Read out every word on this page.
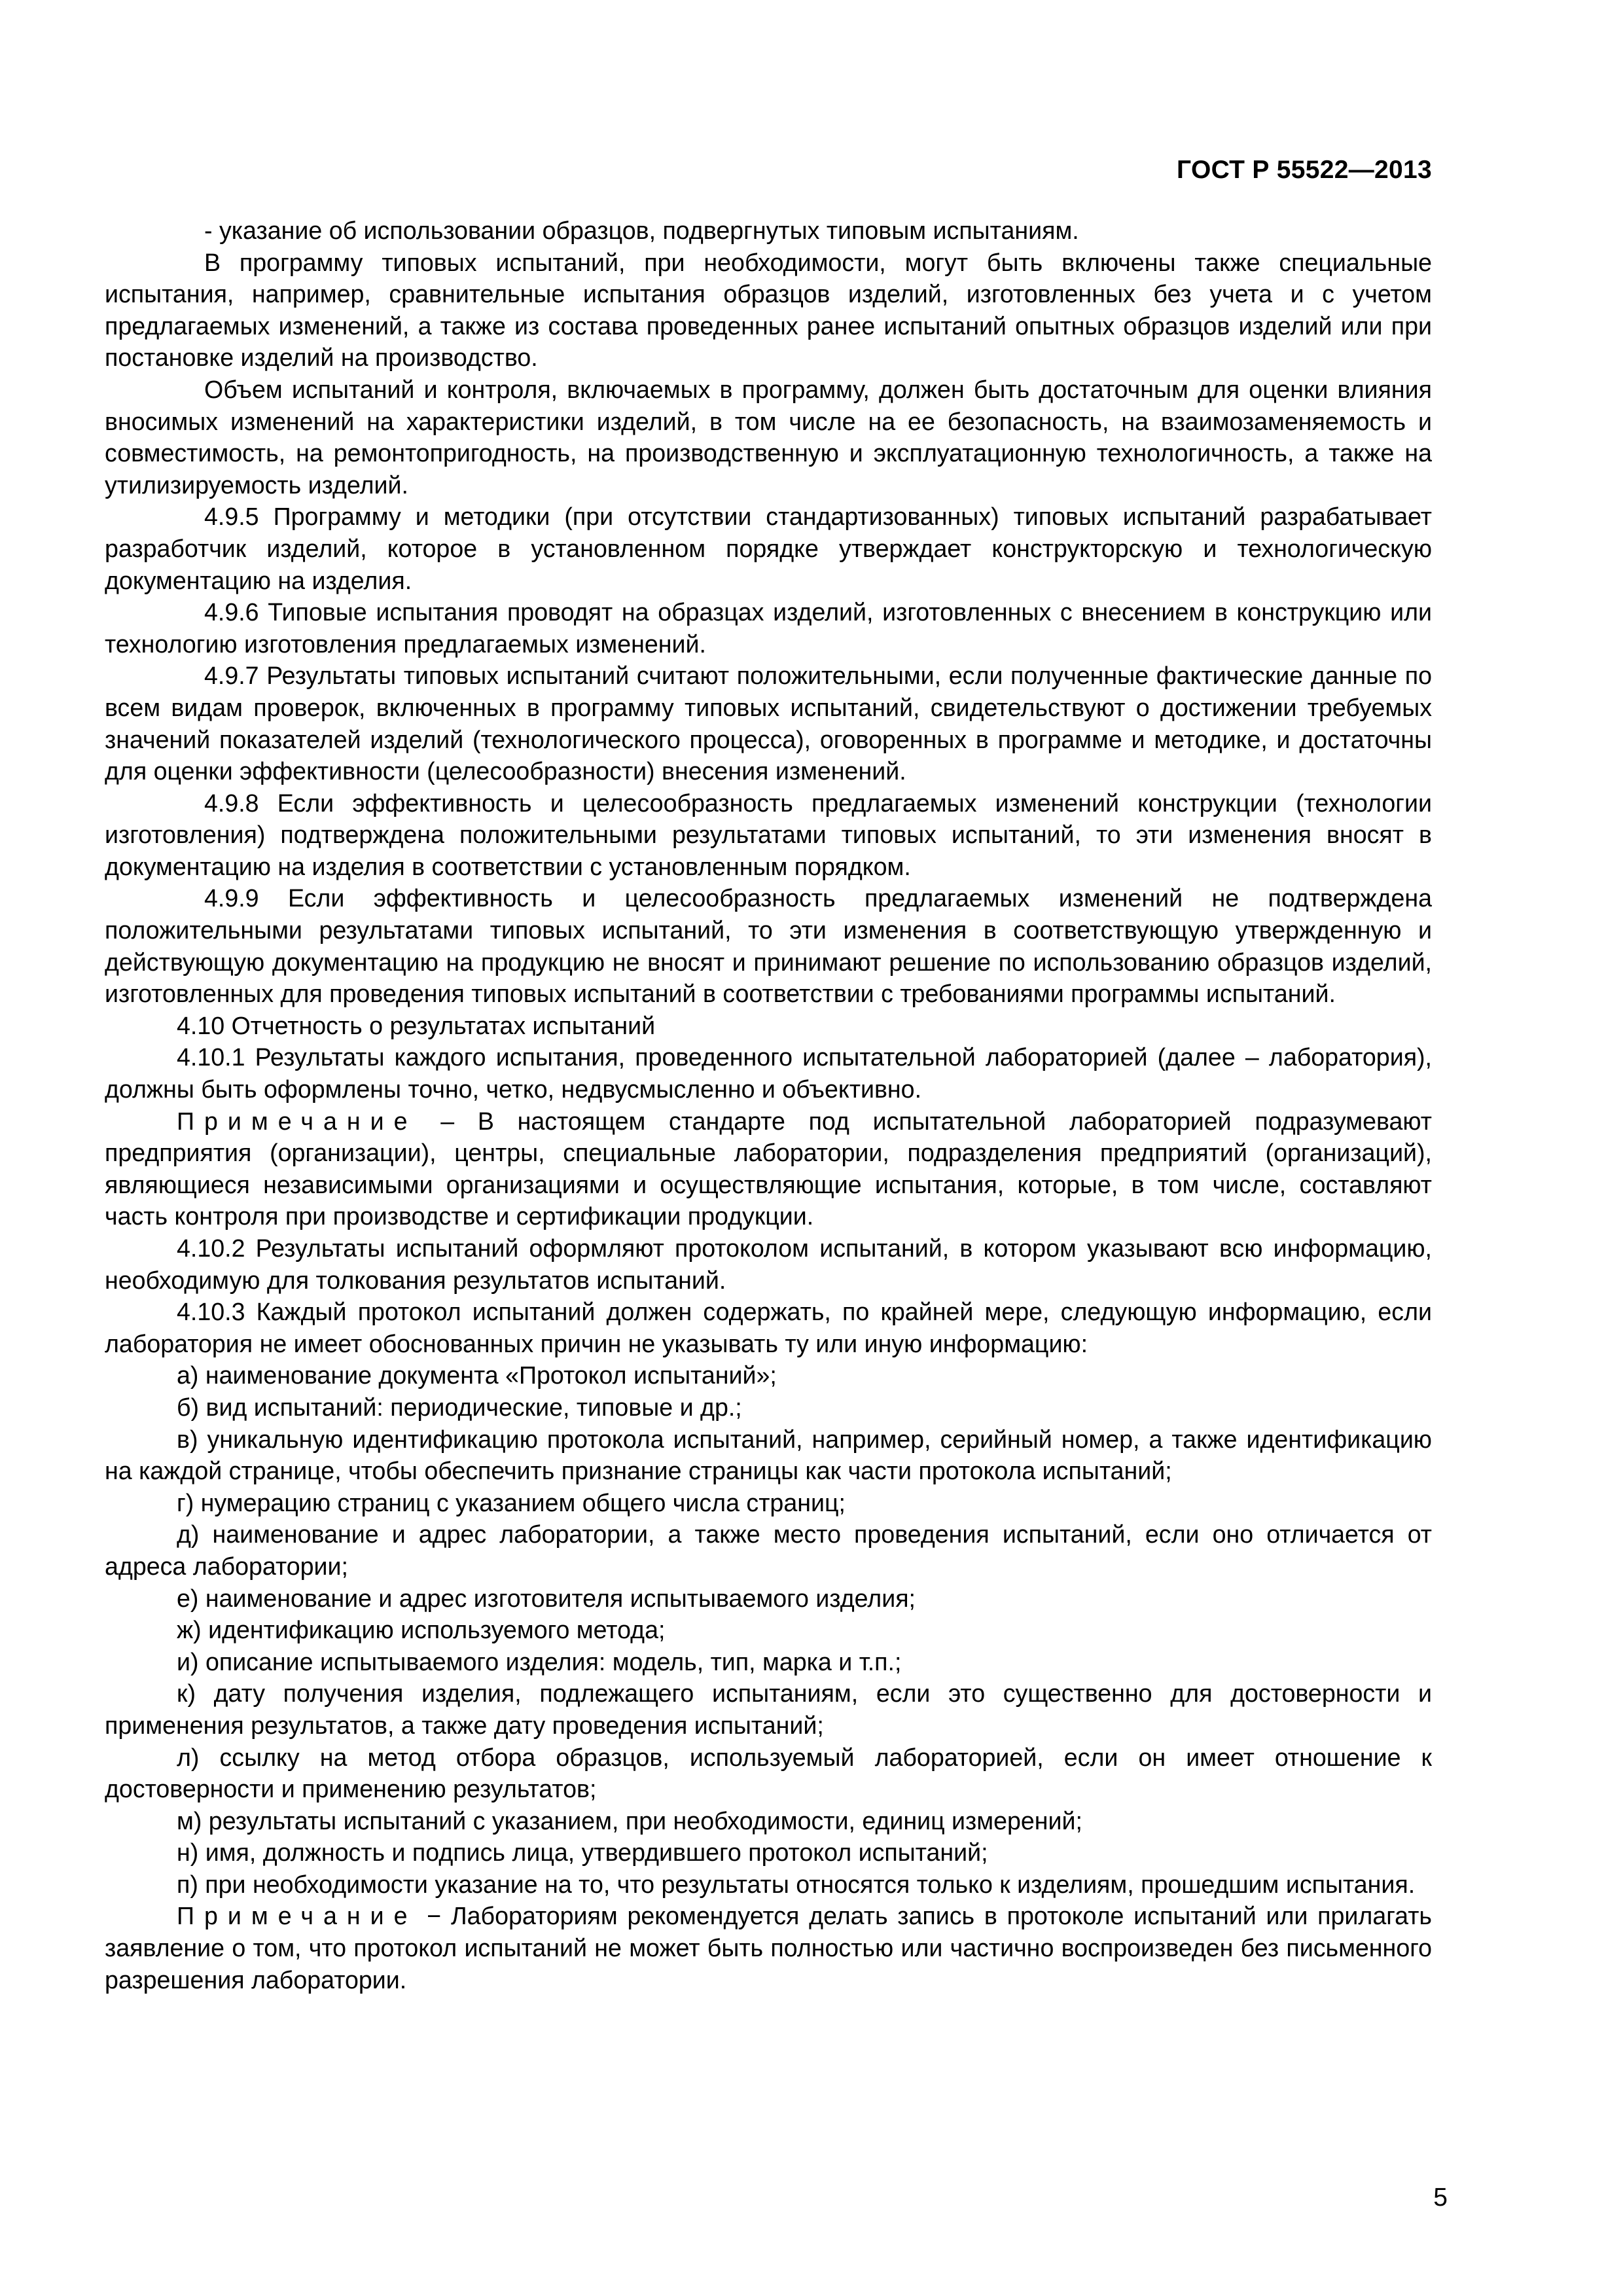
ГОСТ Р 55522—2013

- указание об использовании образцов, подвергнутых типовым испытаниям.

В программу типовых испытаний, при необходимости, могут быть включены также специальные испытания, например, сравнительные испытания образцов изделий, изготовленных без учета и с учетом предлагаемых изменений, а также из состава проведенных ранее испытаний опытных образцов изделий или при постановке изделий на производство.

Объем испытаний и контроля, включаемых в программу, должен быть достаточным для оценки влияния вносимых изменений на характеристики изделий, в том числе на ее безопасность, на взаимозаменяемость и совместимость, на ремонтопригодность, на производственную и эксплуатационную технологичность, а также на утилизируемость изделий.

4.9.5 Программу и методики (при отсутствии стандартизованных) типовых испытаний разрабатывает разработчик изделий, которое в установленном порядке утверждает конструкторскую и технологическую документацию на изделия.

4.9.6 Типовые испытания проводят на образцах изделий, изготовленных с внесением в конструкцию или технологию изготовления предлагаемых изменений.

4.9.7 Результаты типовых испытаний считают положительными, если полученные фактические данные по всем видам проверок, включенных в программу типовых испытаний, свидетельствуют о достижении требуемых значений показателей изделий (технологического процесса), оговоренных в программе и методике, и достаточны для оценки эффективности (целесообразности) внесения изменений.

4.9.8 Если эффективность и целесообразность предлагаемых изменений конструкции (технологии изготовления) подтверждена положительными результатами типовых испытаний, то эти изменения вносят в документацию на изделия в соответствии с установленным порядком.

4.9.9 Если эффективность и целесообразность предлагаемых изменений не подтверждена положительными результатами типовых испытаний, то эти изменения в соответствующую утвержденную и действующую документацию на продукцию не вносят и принимают решение по использованию образцов изделий, изготовленных для проведения типовых испытаний в соответствии с требованиями программы испытаний.

4.10 Отчетность о результатах испытаний

4.10.1 Результаты каждого испытания, проведенного испытательной лабораторией (далее – лаборатория), должны быть оформлены точно, четко, недвусмысленно и объективно.

Примечание – В настоящем стандарте под испытательной лабораторией подразумевают предприятия (организации), центры, специальные лаборатории, подразделения предприятий (организаций), являющиеся независимыми организациями и осуществляющие испытания, которые, в том числе, составляют часть контроля при производстве и сертификации продукции.

4.10.2 Результаты испытаний оформляют протоколом испытаний, в котором указывают всю информацию, необходимую для толкования результатов испытаний.

4.10.3 Каждый протокол испытаний должен содержать, по крайней мере, следующую информацию, если лаборатория не имеет обоснованных причин не указывать ту или иную информацию:

а) наименование документа «Протокол испытаний»;

б) вид испытаний: периодические, типовые и др.;

в) уникальную идентификацию протокола испытаний, например, серийный номер, а также идентификацию на каждой странице, чтобы обеспечить признание страницы как части протокола испытаний;

г) нумерацию страниц с указанием общего числа страниц;

д) наименование и адрес лаборатории, а также место проведения испытаний, если оно отличается от адреса лаборатории;

е) наименование и адрес изготовителя испытываемого изделия;

ж) идентификацию используемого метода;

и) описание испытываемого изделия: модель, тип, марка и т.п.;

к) дату получения изделия, подлежащего испытаниям, если это существенно для достоверности и применения результатов, а также дату проведения испытаний;

л) ссылку на метод отбора образцов, используемый лабораторией, если он имеет отношение к достоверности и применению результатов;

м) результаты испытаний с указанием, при необходимости, единиц измерений;

н) имя, должность и подпись лица, утвердившего протокол испытаний;

п) при необходимости указание на то, что результаты относятся только к изделиям, прошедшим испытания.

Примечание − Лабораториям рекомендуется делать запись в протоколе испытаний или прилагать заявление о том, что протокол испытаний не может быть полностью или частично воспроизведен без письменного разрешения лаборатории.

5
